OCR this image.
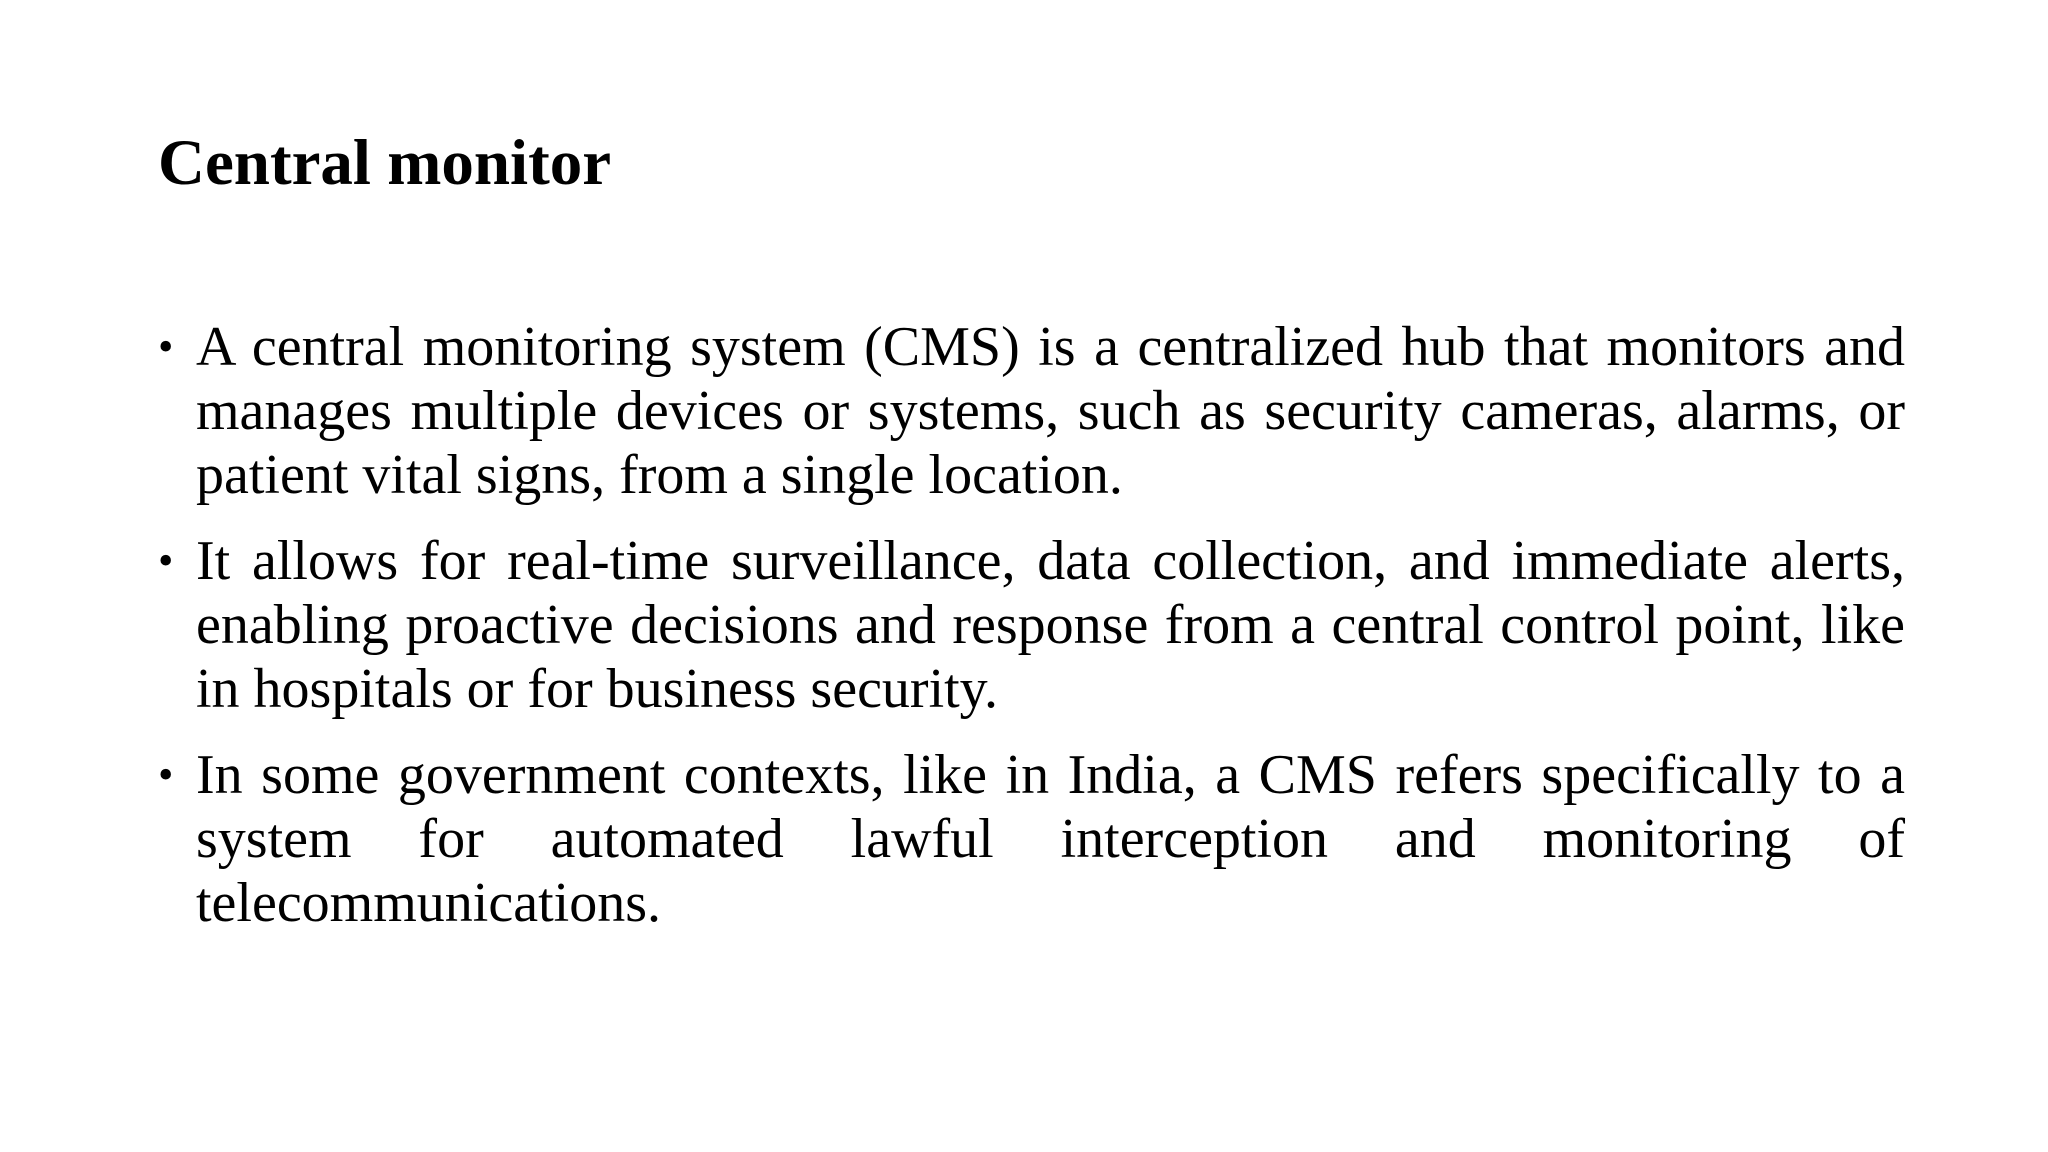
Central monitor
• A central monitoring system (CMS) is a centralized hub that monitors and manages multiple devices or systems, such as security cameras, alarms, or patient vital signs, from a single location.
• It allows for real-time surveillance, data collection, and immediate alerts, enabling proactive decisions and response from a central control point, like in hospitals or for business security.
• In some government contexts, like in India, a CMS refers specifically to a system for automated lawful interception and monitoring of telecommunications.
